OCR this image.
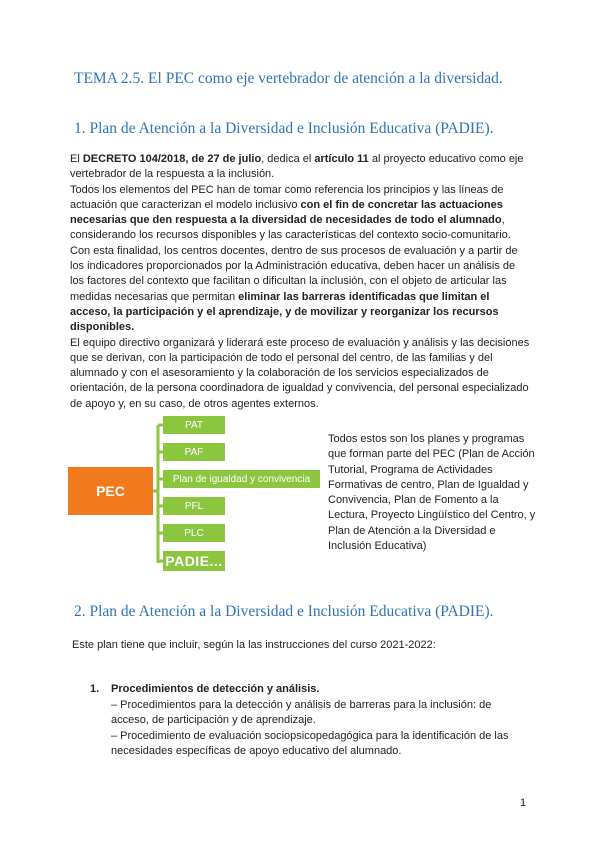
TEMA 2.5. El PEC como eje vertebrador de atención a la diversidad.
1. Plan de Atención a la Diversidad e Inclusión Educativa (PADIE).

El DECRETO 104/2018, de 27 de julio, dedica el artículo 11 al proyecto educativo como eje vertebrador de la respuesta a la inclusión.

Todos los elementos del PEC han de tomar como referencia los principios y las líneas de actuación que caracterizan el modelo inclusivo con el fin de concretar las actuaciones necesarias que den respuesta a la diversidad de necesidades de todo el alumnado, considerando los recursos disponibles y las características del contexto socio-comunitario. Con esta finalidad, los centros docentes, dentro de sus procesos de evaluación y a partir de los indicadores proporcionados por la Administración educativa, deben hacer un análisis de los factores del contexto que facilitan o dificultan la inclusión, con el objeto de articular las medidas necesarias que permitan eliminar las barreras identificadas que limitan el acceso, la participación y el aprendizaje, y de movilizar y reorganizar los recursos disponibles.

El equipo directivo organizará y liderará este proceso de evaluación y análisis y las decisiones que se derivan, con la participación de todo el personal del centro, de las familias y del alumnado y con el asesoramiento y la colaboración de los servicios especializados de orientación, de la persona coordinadora de igualdad y convivencia, del personal especializado de apoyo y, en su caso, de otros agentes externos.

PEC
PAT
PAF
Plan de igualdad y convivencia
PFL
PLC
PADIE...
Todos estos son los planes y programas que forman parte del PEC (Plan de Acción Tutorial, Programa de Actividades Formativas de centro, Plan de Igualdad y Convivencia, Plan de Fomento a la Lectura, Proyecto Lingüístico del Centro, y Plan de Atención a la Diversidad e Inclusión Educativa)
2. Plan de Atención a la Diversidad e Inclusión Educativa (PADIE).
Este plan tiene que incluir, según la las instrucciones del curso 2021-2022:
1. Procedimientos de detección y análisis.

– Procedimientos para la detección y análisis de barreras para la inclusión: de acceso, de participación y de aprendizaje.

– Procedimiento de evaluación sociopsicopedagógica para la identificación de las necesidades específicas de apoyo educativo del alumnado.

1
